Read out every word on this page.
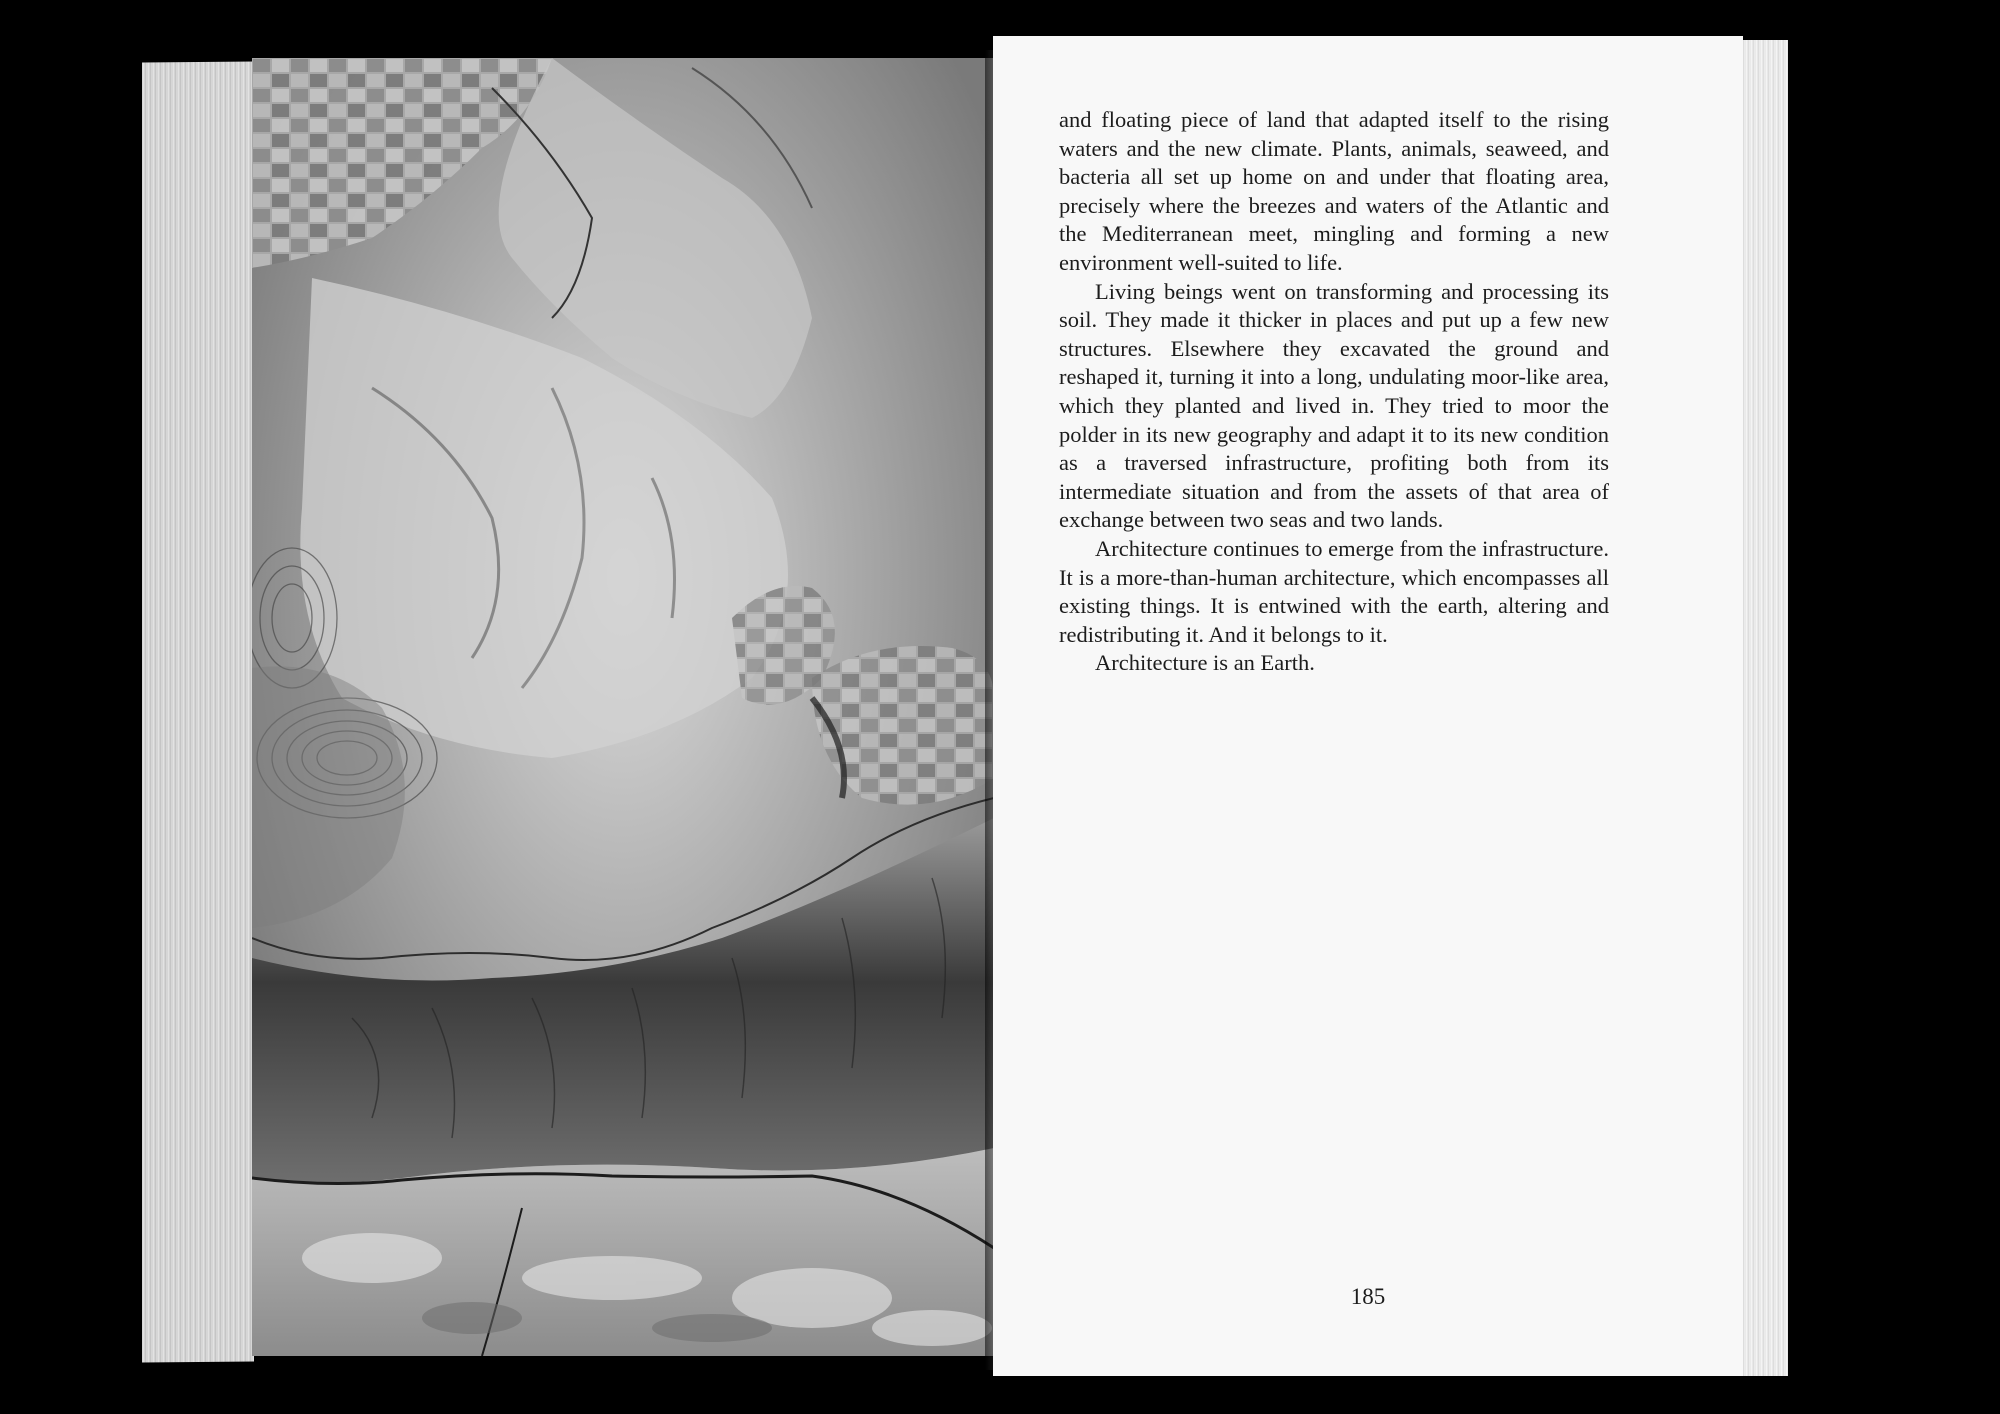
and floating piece of land that adapted itself to the rising waters and the new climate. Plants, animals, seaweed, and bacteria all set up home on and under that floating area, precisely where the breezes and waters of the Atlantic and the Mediterranean meet, mingling and forming a new environment well-suited to life.

Living beings went on transforming and processing its soil. They made it thicker in places and put up a few new structures. Elsewhere they excavated the ground and reshaped it, turning it into a long, undulating moor-like area, which they planted and lived in. They tried to moor the polder in its new geography and adapt it to its new condition as a traversed infrastructure, profiting both from its intermediate situation and from the assets of that area of exchange between two seas and two lands.

Architecture continues to emerge from the infrastructure. It is a more-than-human architecture, which encompasses all existing things. It is entwined with the earth, altering and redistributing it. And it belongs to it.

Architecture is an Earth.

185
